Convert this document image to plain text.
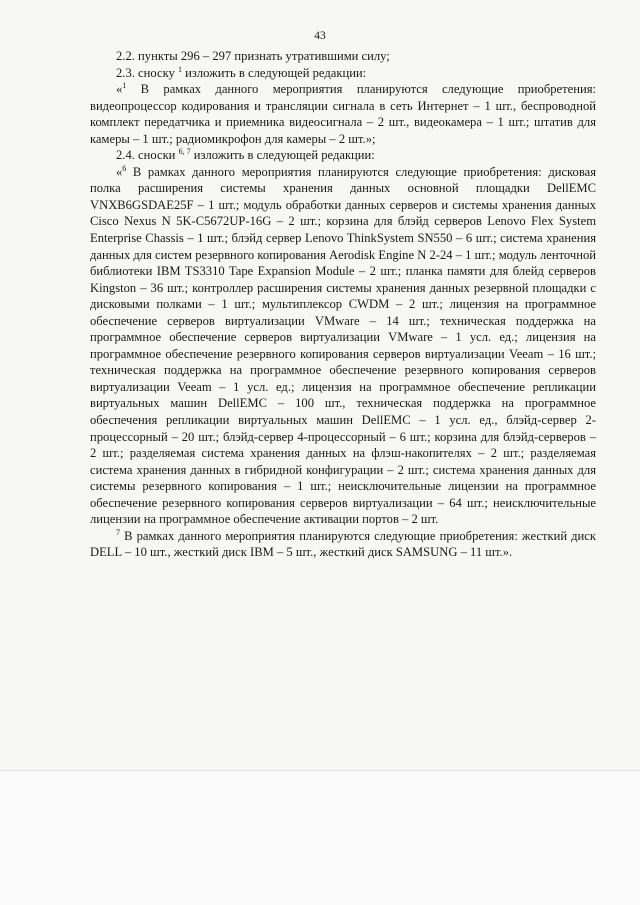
43

2.2. пункты 296 – 297 признать утратившими силу;

2.3. сноску $^1$ изложить в следующей редакции:

«$^1$ В рамках данного мероприятия планируются следующие приобретения: видеопроцессор кодирования и трансляции сигнала в сеть Интернет – 1 шт., беспроводной комплект передатчика и приемника видеосигнала – 2 шт., видеокамера – 1 шт.; штатив для камеры – 1 шт.; радиомикрофон для камеры – 2 шт.»;

2.4. сноски $^{6, 7}$ изложить в следующей редакции:

«$^6$ В рамках данного мероприятия планируются следующие приобретения: дисковая полка расширения системы хранения данных основной площадки DellEMC VNXB6GSDAE25F – 1 шт.; модуль обработки данных серверов и системы хранения данных Cisco Nexus N 5K-C5672UP-16G – 2 шт.; корзина для блэйд серверов Lenovo Flex System Enterprise Chassis – 1 шт.; блэйд сервер Lenovo ThinkSystem SN550 – 6 шт.; система хранения данных для систем резервного копирования Aerodisk Engine N 2-24 – 1 шт.; модуль ленточной библиотеки IBM TS3310 Tape Expansion Module – 2 шт.; планка памяти для блейд серверов Kingston – 36 шт.; контроллер расширения системы хранения данных резервной площадки с дисковыми полками – 1 шт.; мультиплексор CWDM – 2 шт.; лицензия на программное обеспечение серверов виртуализации VMware – 14 шт.; техническая поддержка на программное обеспечение серверов виртуализации VMware – 1 усл. ед.; лицензия на программное обеспечение резервного копирования серверов виртуализации Veeam – 16 шт.; техническая поддержка на программное обеспечение резервного копирования серверов виртуализации Veeam – 1 усл. ед.; лицензия на программное обеспечение репликации виртуальных машин DellEMC – 100 шт., техническая поддержка на программное обеспечения репликации виртуальных машин DellEMC – 1 усл. ед., блэйд-сервер 2-процессорный – 20 шт.; блэйд-сервер 4-процессорный – 6 шт.; корзина для блэйд-серверов – 2 шт.; разделяемая система хранения данных на флэш-накопителях – 2 шт.; разделяемая система хранения данных в гибридной конфигурации – 2 шт.; система хранения данных для системы резервного копирования – 1 шт.; неисключительные лицензии на программное обеспечение резервного копирования серверов виртуализации – 64 шт.; неисключительные лицензии на программное обеспечение активации портов – 2 шт.

$^7$ В рамках данного мероприятия планируются следующие приобретения: жесткий диск DELL – 10 шт., жесткий диск IBM – 5 шт., жесткий диск SAMSUNG – 11 шт.».
